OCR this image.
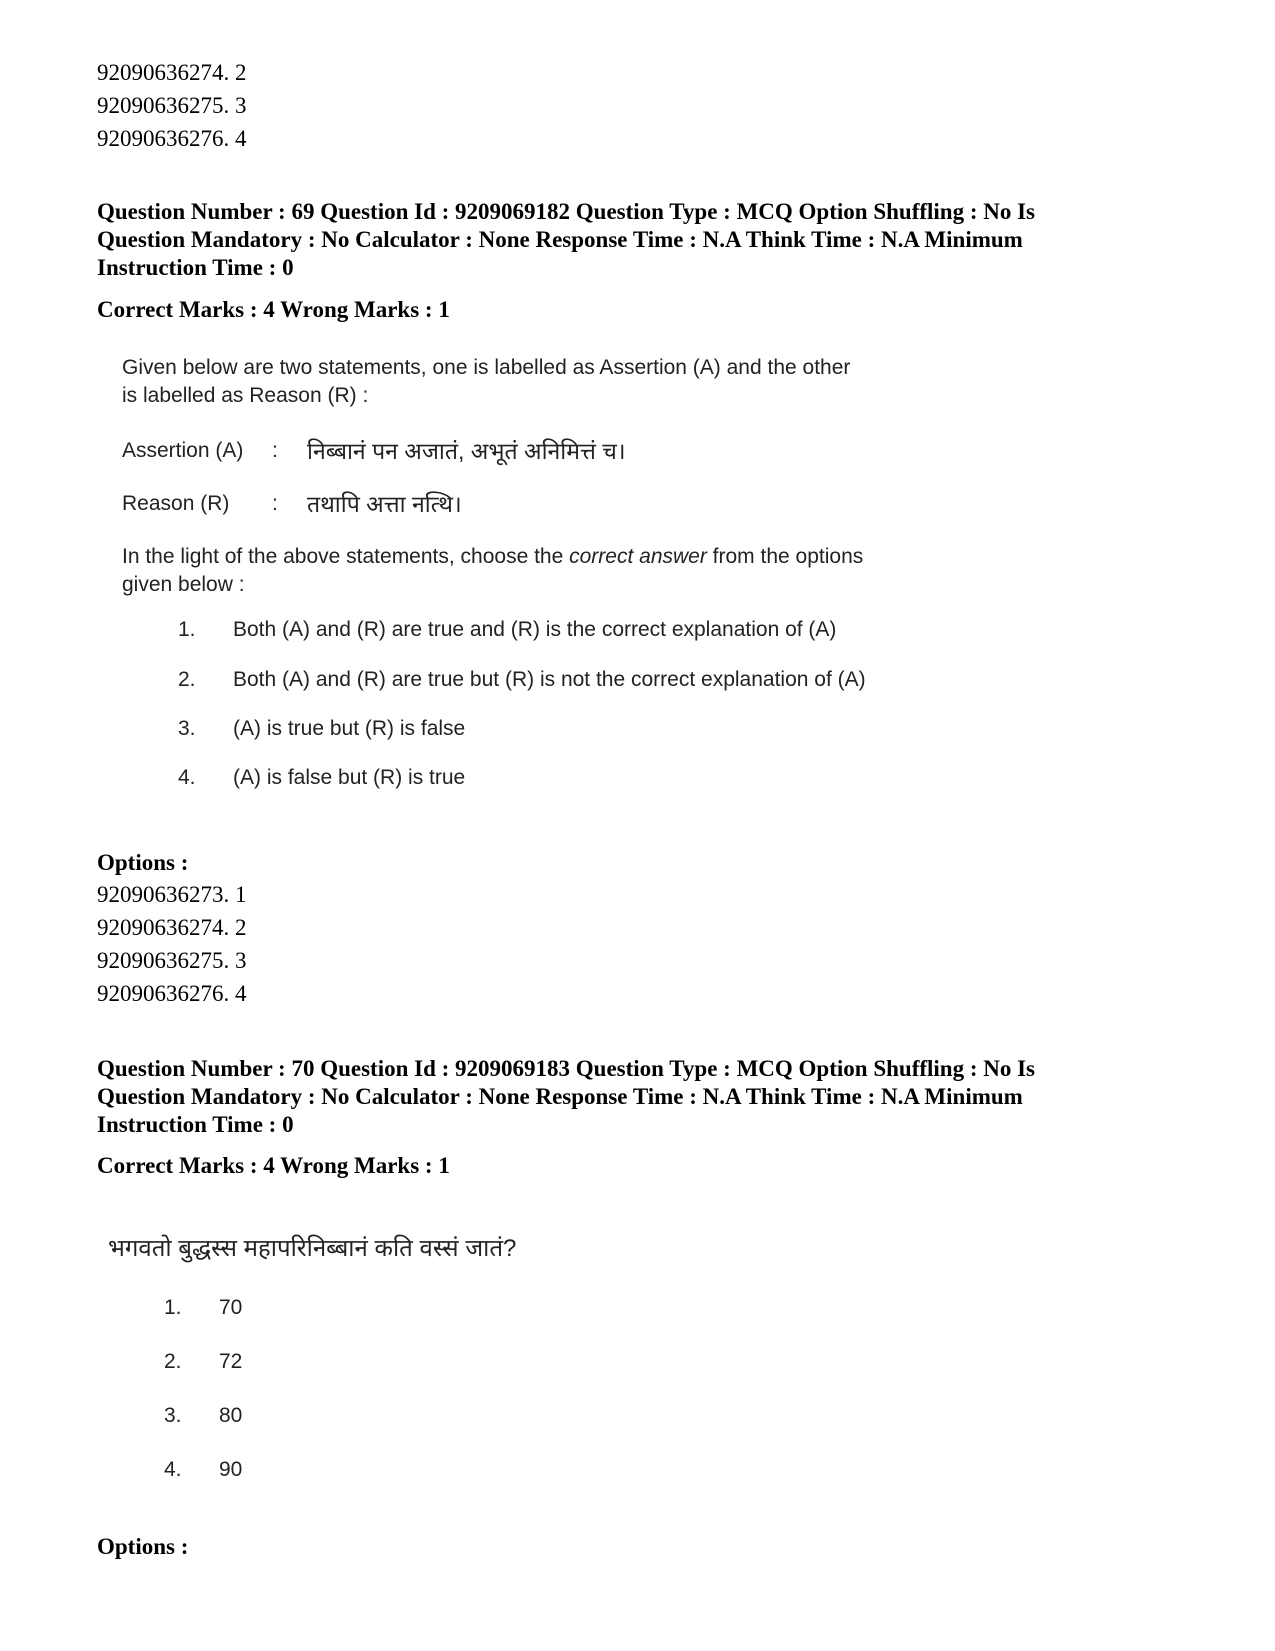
92090636274. 2
92090636275. 3
92090636276. 4
Question Number : 69 Question Id : 9209069182 Question Type : MCQ Option Shuffling : No Is
Question Mandatory : No Calculator : None Response Time : N.A Think Time : N.A Minimum
Instruction Time : 0
Correct Marks : 4 Wrong Marks : 1
Given below are two statements, one is labelled as Assertion (A) and the other
is labelled as Reason (R) :
Assertion (A)	:	निब्बानं पन अजातं, अभूतं अनिमित्तं च।
Reason (R)	:	तथापि अत्ता नत्थि।
In the light of the above statements, choose the correct answer from the options
given below :
1.	Both (A) and (R) are true and (R) is the correct explanation of (A)
2.	Both (A) and (R) are true but (R) is not the correct explanation of (A)
3.	(A) is true but (R) is false
4.	(A) is false but (R) is true
Options :
92090636273. 1
92090636274. 2
92090636275. 3
92090636276. 4
Question Number : 70 Question Id : 9209069183 Question Type : MCQ Option Shuffling : No Is
Question Mandatory : No Calculator : None Response Time : N.A Think Time : N.A Minimum
Instruction Time : 0
Correct Marks : 4 Wrong Marks : 1
भगवतो बुद्धस्स महापरिनिब्बानं कति वस्सं जातं?
1.	70
2.	72
3.	80
4.	90
Options :
